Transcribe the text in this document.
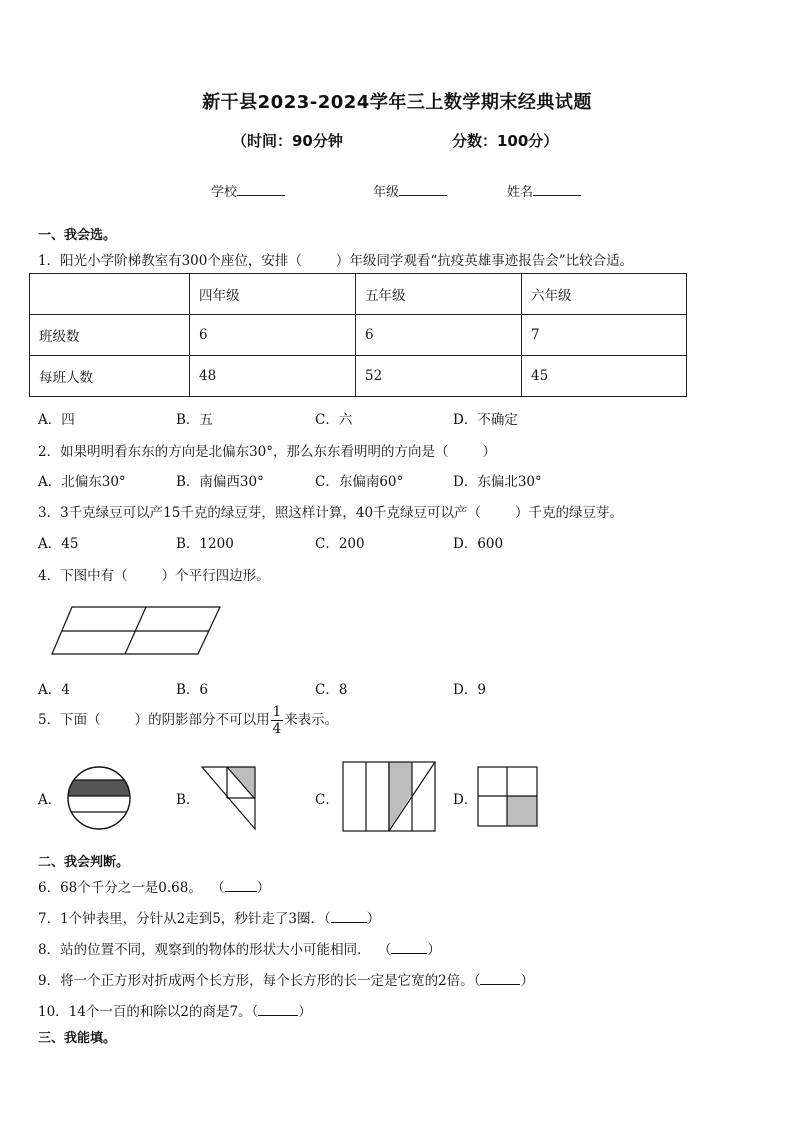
新干县2023-2024学年三上数学期末经典试题
（时间：90分钟	分数：100分）
学校	年级	姓名
一、我会选。
1．阳光小学阶梯教室有300个座位，安排（	）年级同学观看“抗疫英雄事迹报告会”比较合适。
	四年级	五年级	六年级
班级数	6	6	7
每班人数	48	52	45
A．四	B．五	C．六	D．不确定
2．如果明明看东东的方向是北偏东30°，那么东东看明明的方向是（	）
A．北偏东30°	B．南偏西30°	C．东偏南60°	D．东偏北30°
3．3千克绿豆可以产15千克的绿豆芽，照这样计算，40千克绿豆可以产（	）千克的绿豆芽。
A．45	B．1200	C．200	D．600
4．下图中有（	）个平行四边形。
A．4	B．6	C．8	D．9
5．下面（	）的阴影部分不可以用 $\frac{1}{4}$ 来表示。
A．	B．	C．	D．
二、我会判断。
6．68个千分之一是0.68。 （ ）
7．1个钟表里，分针从2走到5，秒针走了3圈．（	）
8．站的位置不同，观察到的物体的形状大小可能相同． （	）
9．将一个正方形对折成两个长方形，每个长方形的长一定是它宽的2倍。（	）
10．14个一百的和除以2的商是7。（	）
三、我能填。
